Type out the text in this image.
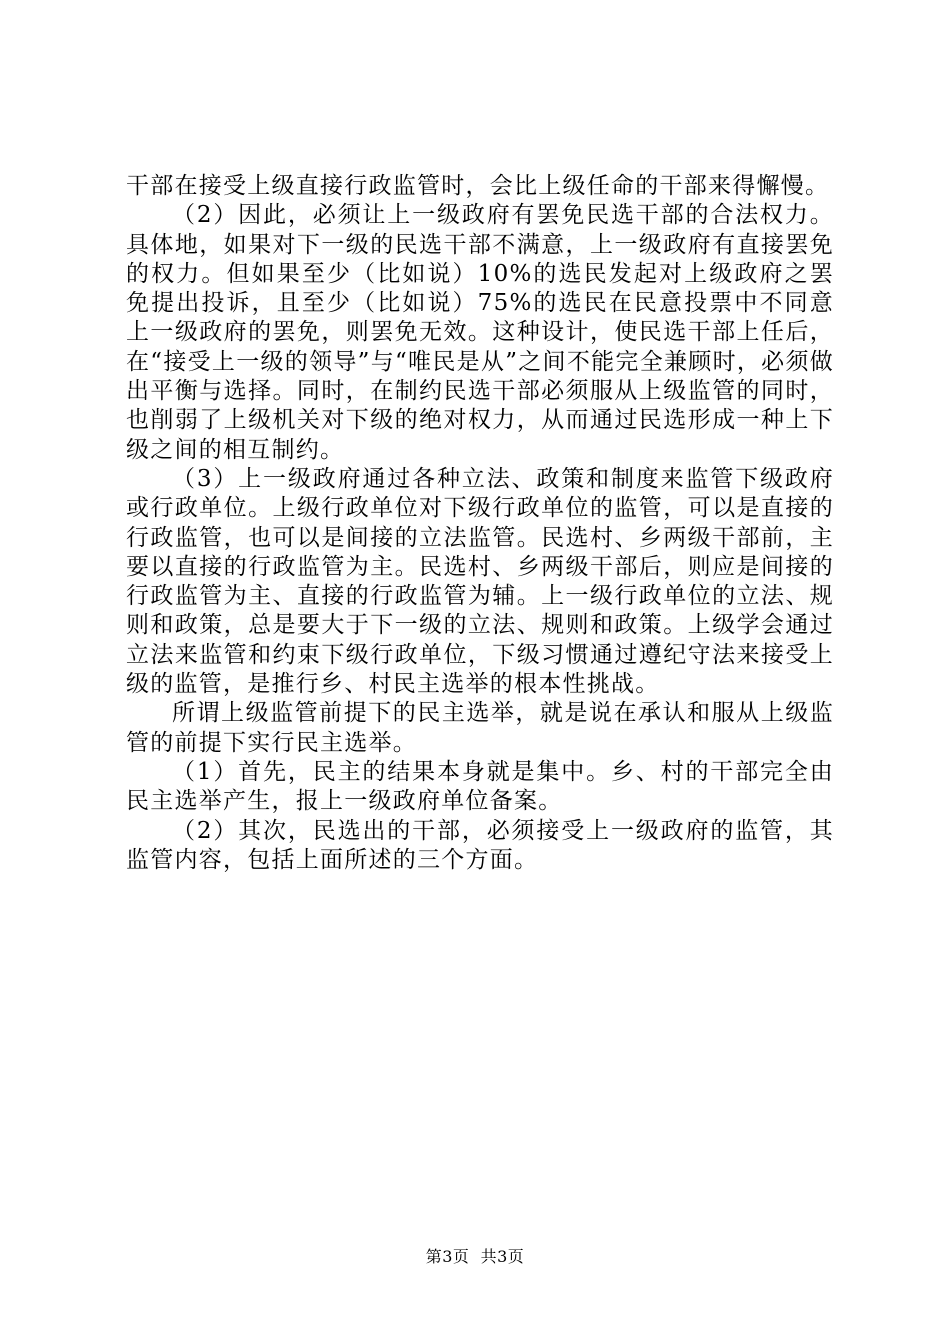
干部在接受上级直接行政监管时，会比上级任命的干部来得懈慢。

（2）因此，必须让上一级政府有罢免民选干部的合法权力。具体地，如果对下一级的民选干部不满意，上一级政府有直接罢免的权力。但如果至少（比如说）10%的选民发起对上级政府之罢免提出投诉，且至少（比如说）75%的选民在民意投票中不同意上一级政府的罢免，则罢免无效。这种设计，使民选干部上任后，在“接受上一级的领导”与“唯民是从”之间不能完全兼顾时，必须做出平衡与选择。同时，在制约民选干部必须服从上级监管的同时，也削弱了上级机关对下级的绝对权力，从而通过民选形成一种上下级之间的相互制约。

（3）上一级政府通过各种立法、政策和制度来监管下级政府或行政单位。上级行政单位对下级行政单位的监管，可以是直接的行政监管，也可以是间接的立法监管。民选村、乡两级干部前，主要以直接的行政监管为主。民选村、乡两级干部后，则应是间接的行政监管为主、直接的行政监管为辅。上一级行政单位的立法、规则和政策，总是要大于下一级的立法、规则和政策。上级学会通过立法来监管和约束下级行政单位，下级习惯通过遵纪守法来接受上级的监管，是推行乡、村民主选举的根本性挑战。

所谓上级监管前提下的民主选举，就是说在承认和服从上级监管的前提下实行民主选举。

（1）首先，民主的结果本身就是集中。乡、村的干部完全由民主选举产生，报上一级政府单位备案。

（2）其次，民选出的干部，必须接受上一级政府的监管，其监管内容，包括上面所述的三个方面。

第3页  共3页
